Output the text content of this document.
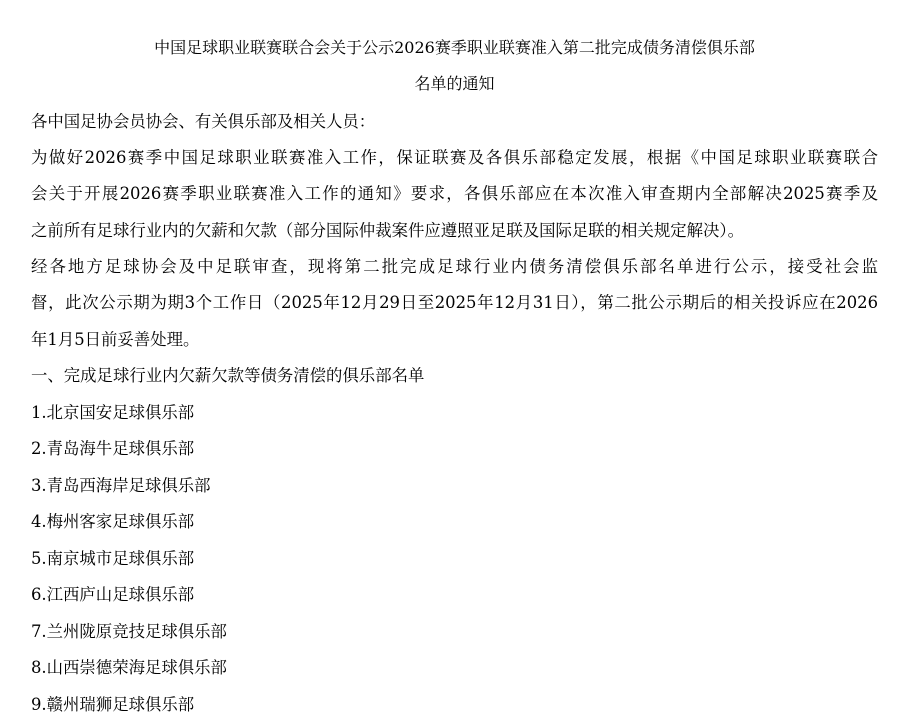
中国足球职业联赛联合会关于公示2026赛季职业联赛准入第二批完成债务清偿俱乐部
名单的通知
各中国足协会员协会、有关俱乐部及相关人员：
为做好2026赛季中国足球职业联赛准入工作，保证联赛及各俱乐部稳定发展，根据《中国足球职业联赛联合
会关于开展2026赛季职业联赛准入工作的通知》要求，各俱乐部应在本次准入审查期内全部解决2025赛季及
之前所有足球行业内的欠薪和欠款（部分国际仲裁案件应遵照亚足联及国际足联的相关规定解决）。
经各地方足球协会及中足联审查，现将第二批完成足球行业内债务清偿俱乐部名单进行公示，接受社会监
督，此次公示期为期3个工作日（2025年12月29日至2025年12月31日），第二批公示期后的相关投诉应在2026
年1月5日前妥善处理。
一、完成足球行业内欠薪欠款等债务清偿的俱乐部名单
1.北京国安足球俱乐部
2.青岛海牛足球俱乐部
3.青岛西海岸足球俱乐部
4.梅州客家足球俱乐部
5.南京城市足球俱乐部
6.江西庐山足球俱乐部
7.兰州陇原竞技足球俱乐部
8.山西崇德荣海足球俱乐部
9.赣州瑞狮足球俱乐部
